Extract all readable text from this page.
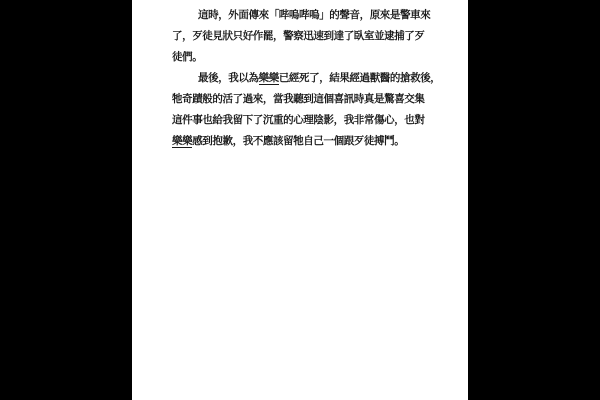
這時，外面傳來「哔嗚哔嗚」的聲音，原來是警車來
了，歹徒見狀只好作罷，警察迅速到達了臥室並逮捕了歹
徒們。
最後，我以為樂樂已經死了，結果經過獸醫的搶救後，
牠奇蹟般的活了過來，當我聽到這個喜訊時真是驚喜交集
這件事也給我留下了沉重的心理陰影，我非常傷心，也對
樂樂感到抱歉，我不應該留牠自己一個跟歹徒搏鬥。
